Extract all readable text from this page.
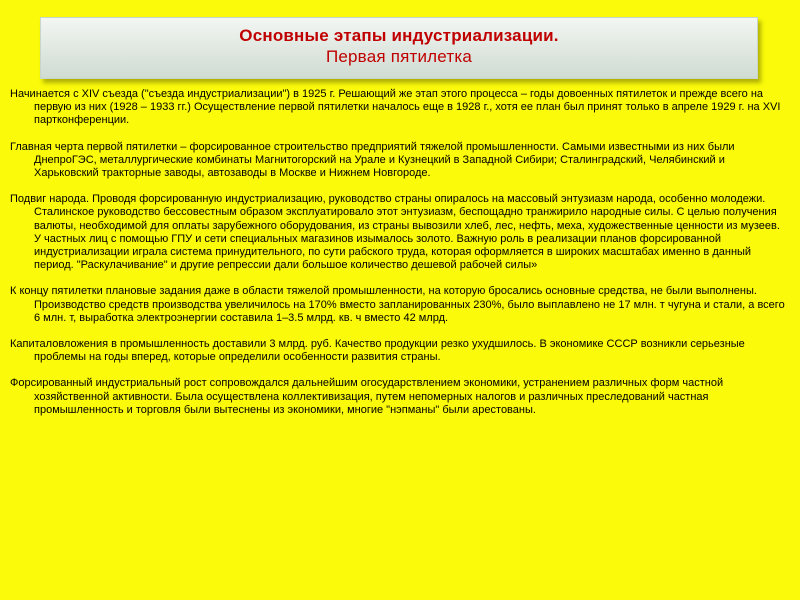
Основные этапы индустриализации.
Первая пятилетка

Начинается с XIV съезда ("съезда индустриализации") в 1925 г. Решающий же этап этого процесса – годы довоенных пятилеток и прежде всего на первую из них (1928 – 1933 гг.) Осуществление первой пятилетки началось еще в 1928 г., хотя ее план был принят только в апреле 1929 г. на XVI партконференции.

Главная черта первой пятилетки – форсированное строительство предприятий тяжелой промышленности. Самыми известными из них были ДнепроГЭС, металлургические комбинаты Магнитогорский на Урале и Кузнецкий в Западной Сибири; Сталинградский, Челябинский и Харьковский тракторные заводы, автозаводы в Москве и Нижнем Новгороде.

Подвиг народа. Проводя форсированную индустриализацию, руководство страны опиралось на массовый энтузиазм народа, особенно молодежи. Сталинское руководство бессовестным образом эксплуатировало этот энтузиазм, беспощадно транжирило народные силы. С целью получения валюты, необходимой для оплаты зарубежного оборудования, из страны вывозили хлеб, лес, нефть, меха, художественные ценности из музеев. У частных лиц с помощью ГПУ и сети специальных магазинов изымалось золото. Важную роль в реализации планов форсированной индустриализации играла система принудительного, по сути рабского труда, которая оформляется в широких масштабах именно в данный период. "Раскулачивание" и другие репрессии дали большое количество дешевой рабочей силы»

К концу пятилетки плановые задания даже в области тяжелой промышленности, на которую бросались основные средства, не были выполнены. Производство средств производства увеличилось на 170% вместо запланированных 230%, было выплавлено не 17 млн. т чугуна и стали, а всего 6 млн. т, выработка электроэнергии составила 1–3.5 млрд. кв. ч вместо 42 млрд.

Капиталовложения в промышленность доставили 3 млрд. руб. Качество продукции резко ухудшилось. В экономике СССР возникли серьезные проблемы на годы вперед, которые определили особенности развития страны.

Форсированный индустриальный рост сопровождался дальнейшим огосударствлением экономики, устранением различных форм частной хозяйственной активности. Была осуществлена коллективизация, путем непомерных налогов и различных преследований частная промышленность и торговля были вытеснены из экономики, многие "нэпманы" были арестованы.
